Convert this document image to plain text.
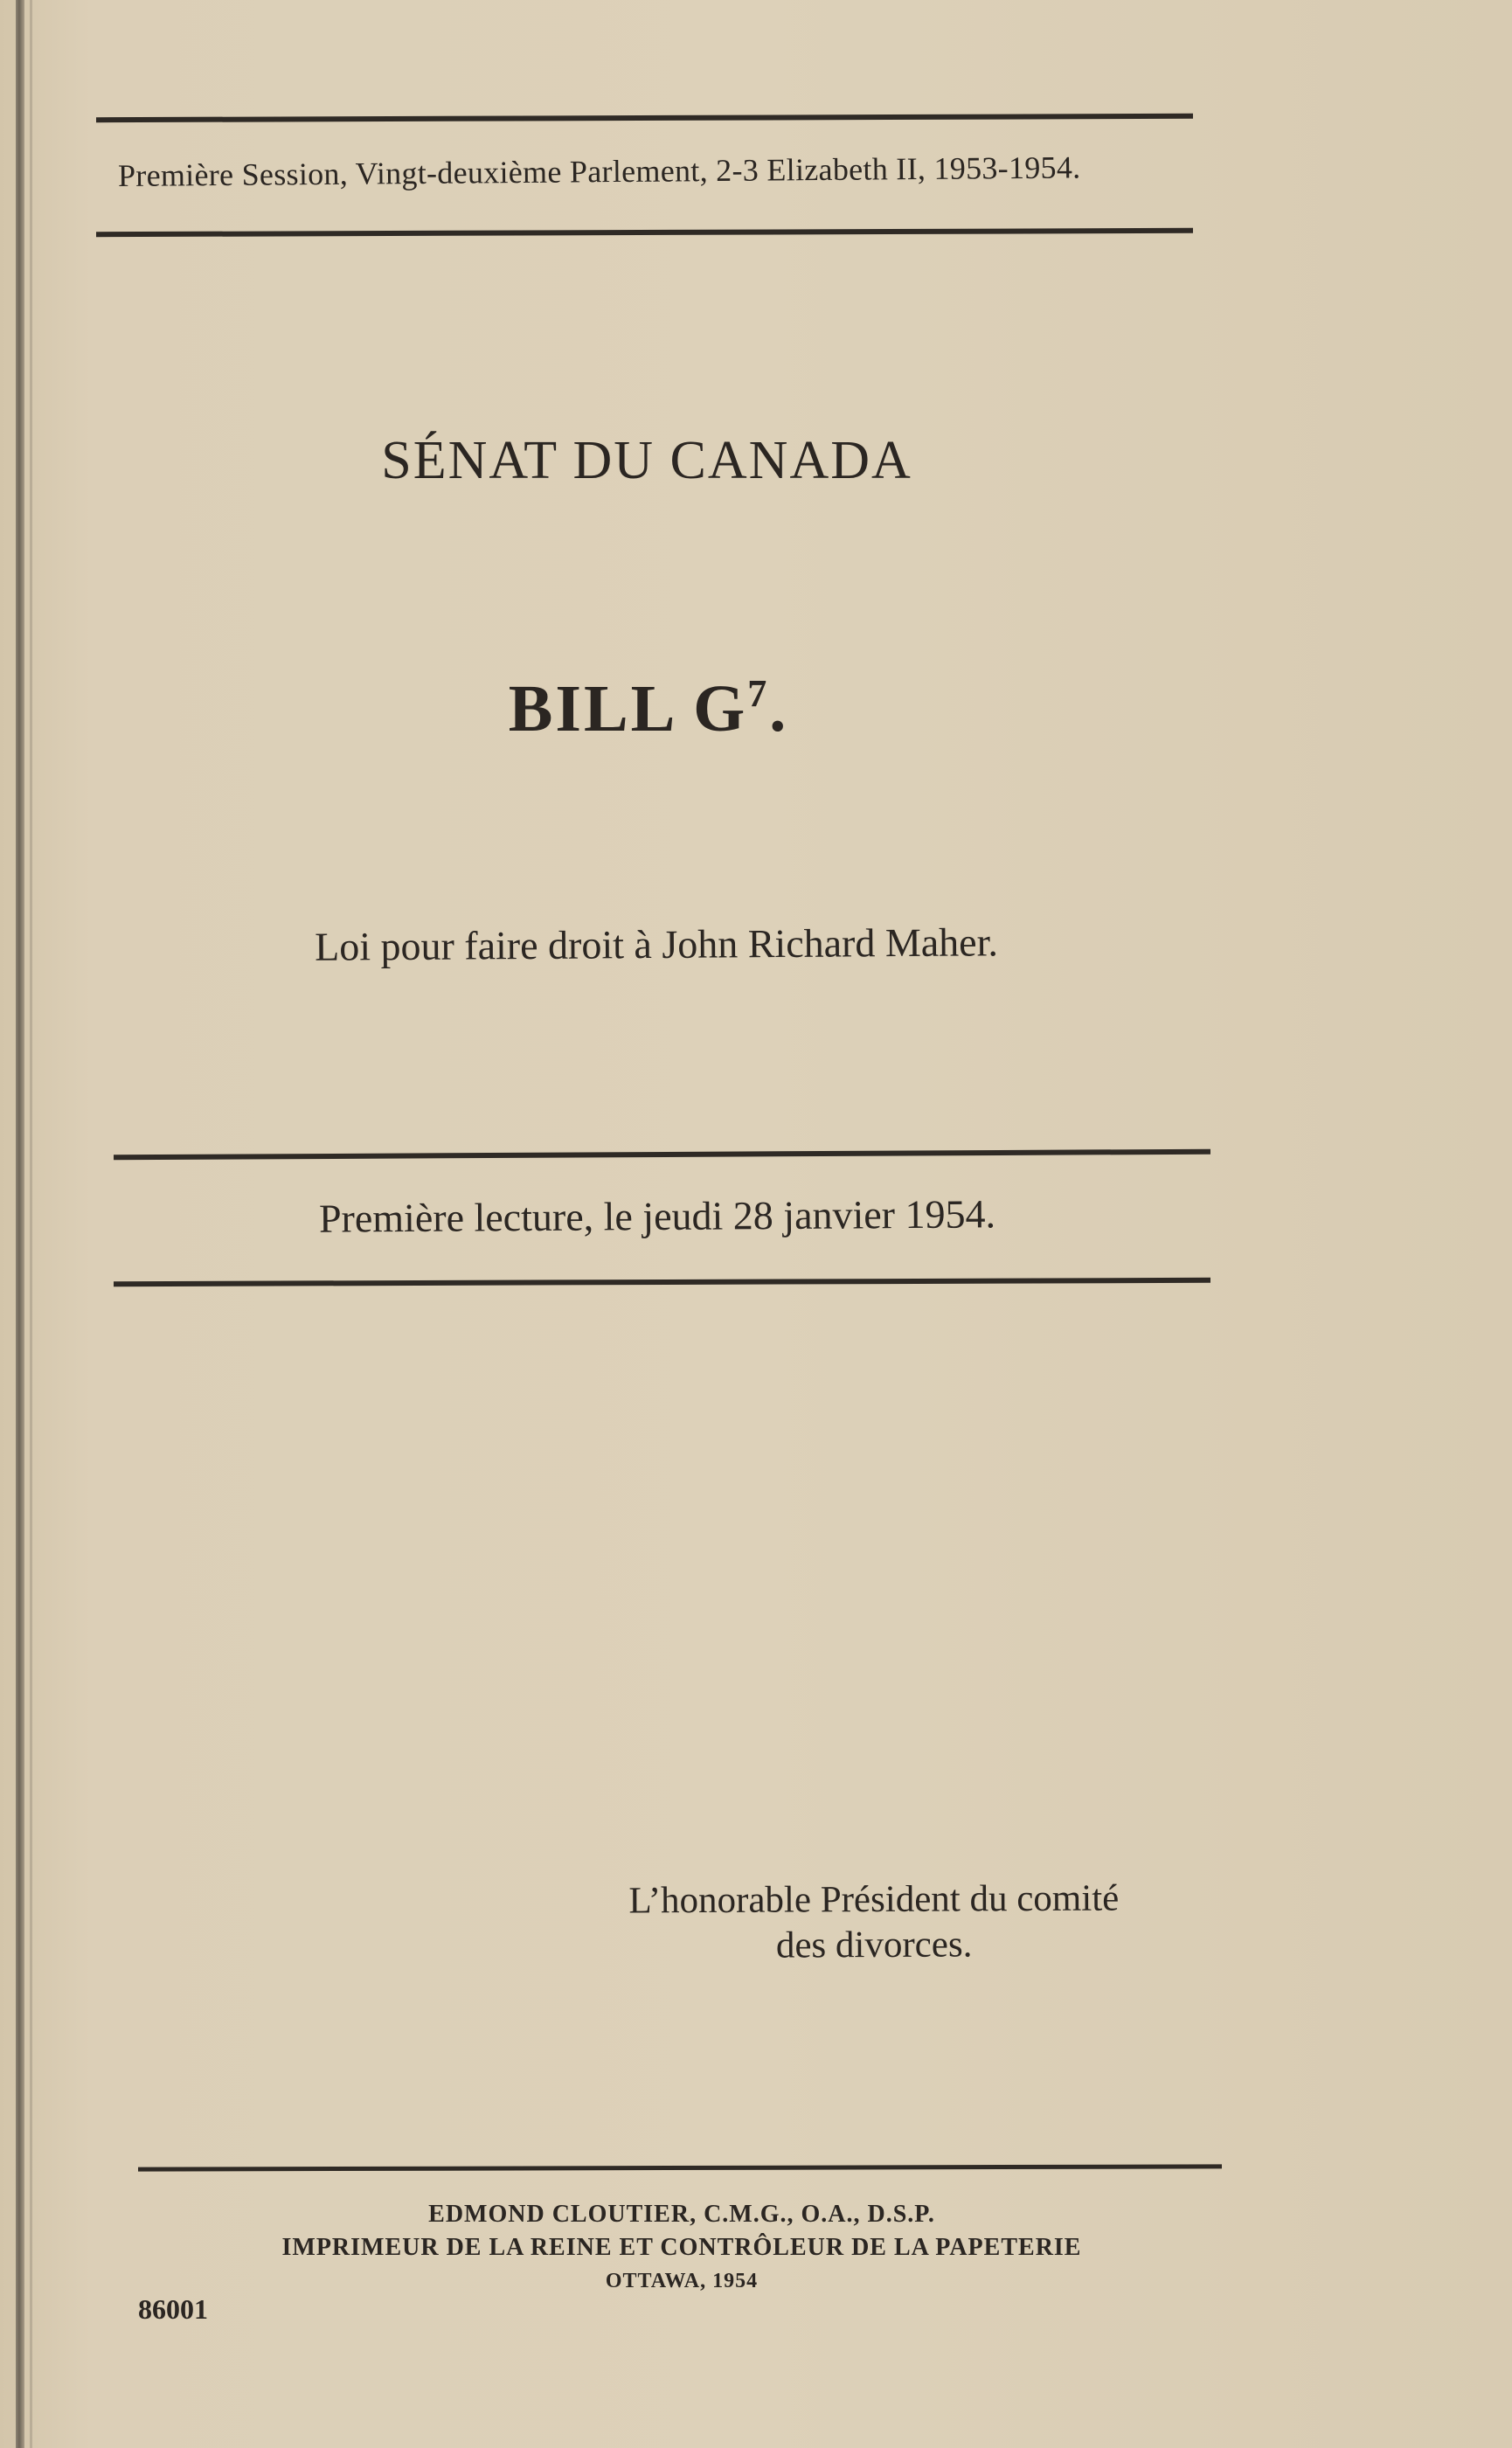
Première Session, Vingt-deuxième Parlement, 2-3 Elizabeth II, 1953-1954.
SÉNAT DU CANADA
BILL $G^7$.
Loi pour faire droit à John Richard Maher.
Première lecture, le jeudi 28 janvier 1954.
L’honorable Président du comité
des divorces.
EDMOND CLOUTIER, C.M.G., O.A., D.S.P.
IMPRIMEUR DE LA REINE ET CONTRÔLEUR DE LA PAPETERIE
OTTAWA, 1954
86001
